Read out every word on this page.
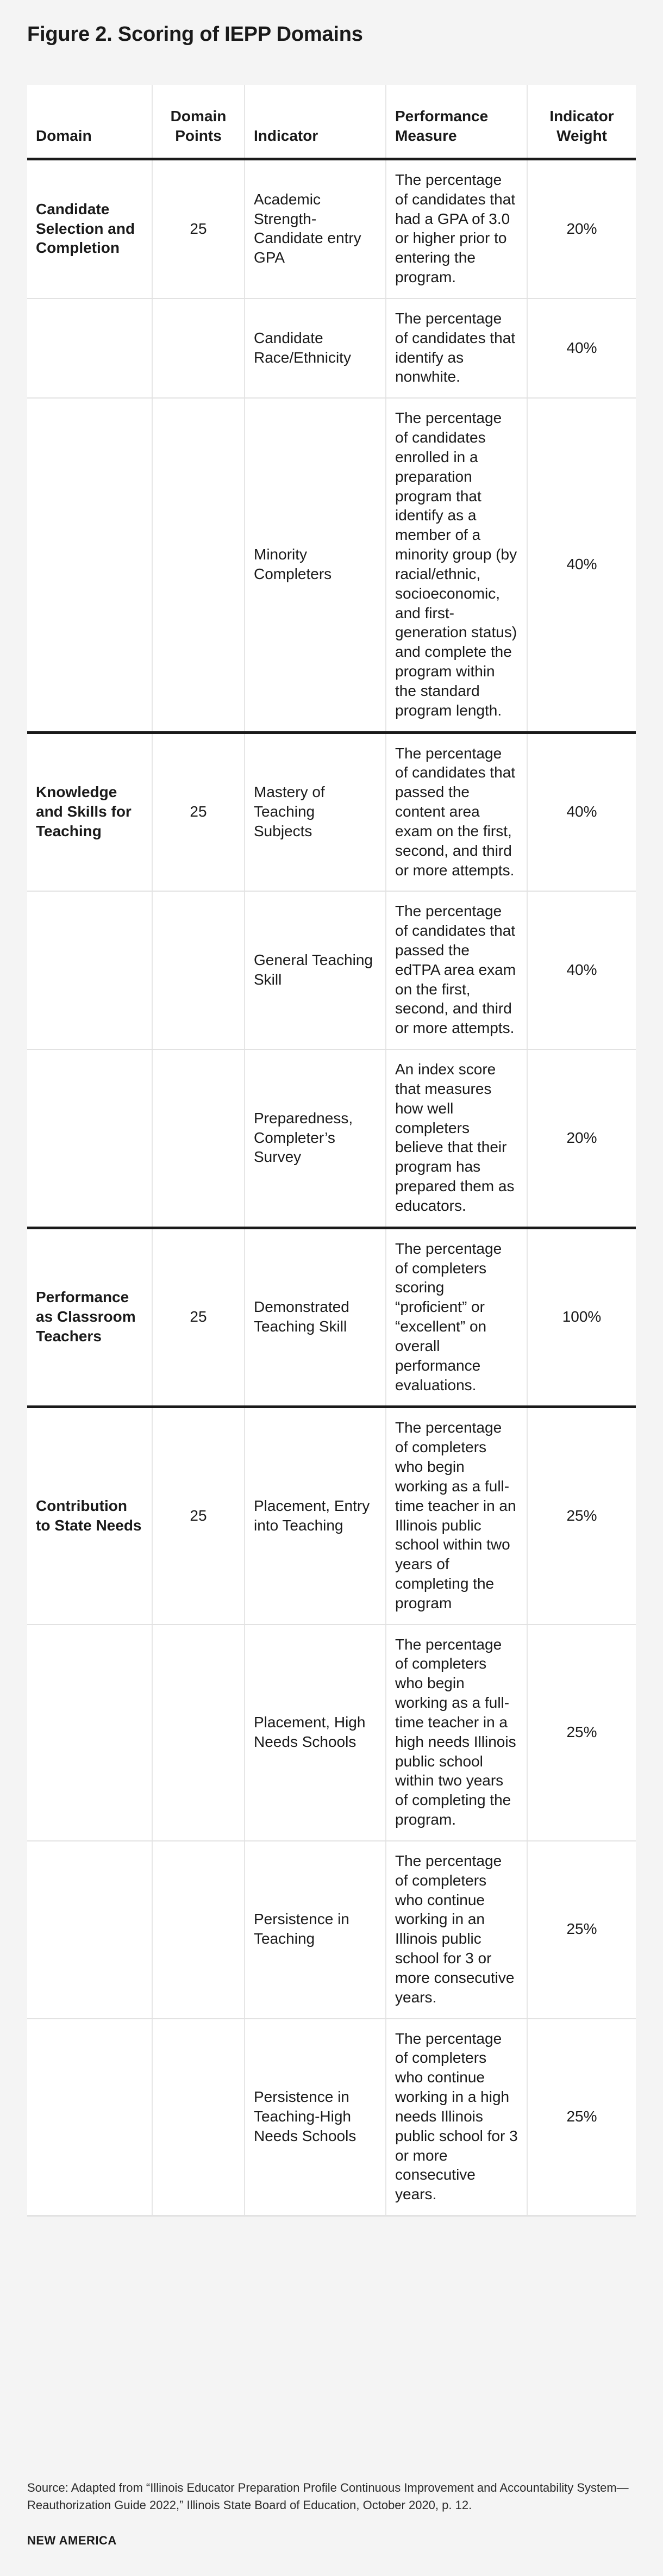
Figure 2. Scoring of IEPP Domains
Domain	Domain Points	Indicator	Performance Measure	Indicator Weight
Candidate Selection and Completion	25	Academic Strength-Candidate entry GPA	The percentage of candidates that had a GPA of 3.0 or higher prior to entering the program.	20%
		Candidate Race/Ethnicity	The percentage of candidates that identify as nonwhite.	40%
		Minority Completers	The percentage of candidates enrolled in a preparation program that identify as a member of a minority group (by racial/ethnic, socioeconomic, and first-generation status) and complete the program within the standard program length.	40%
Knowledge and Skills for Teaching	25	Mastery of Teaching Subjects	The percentage of candidates that passed the content area exam on the first, second, and third or more attempts.	40%
		General Teaching Skill	The percentage of candidates that passed the edTPA area exam on the first, second, and third or more attempts.	40%
		Preparedness, Completer’s Survey	An index score that measures how well completers believe that their program has prepared them as educators.	20%
Performance as Classroom Teachers	25	Demonstrated Teaching Skill	The percentage of completers scoring “proficient” or “excellent” on overall performance evaluations.	100%
Contribution to State Needs	25	Placement, Entry into Teaching	The percentage of completers who begin working as a full-time teacher in an Illinois public school within two years of completing the program	25%
		Placement, High Needs Schools	The percentage of completers who begin working as a full-time teacher in a high needs Illinois public school within two years of completing the program.	25%
		Persistence in Teaching	The percentage of completers who continue working in an Illinois public school for 3 or more consecutive years.	25%
		Persistence in Teaching-High Needs Schools	The percentage of completers who continue working in a high needs Illinois public school for 3 or more consecutive years.	25%
Source: Adapted from “Illinois Educator Preparation Profile Continuous Improvement and Accountability System—Reauthorization Guide 2022,” Illinois State Board of Education, October 2020, p. 12.
NEW AMERICA
